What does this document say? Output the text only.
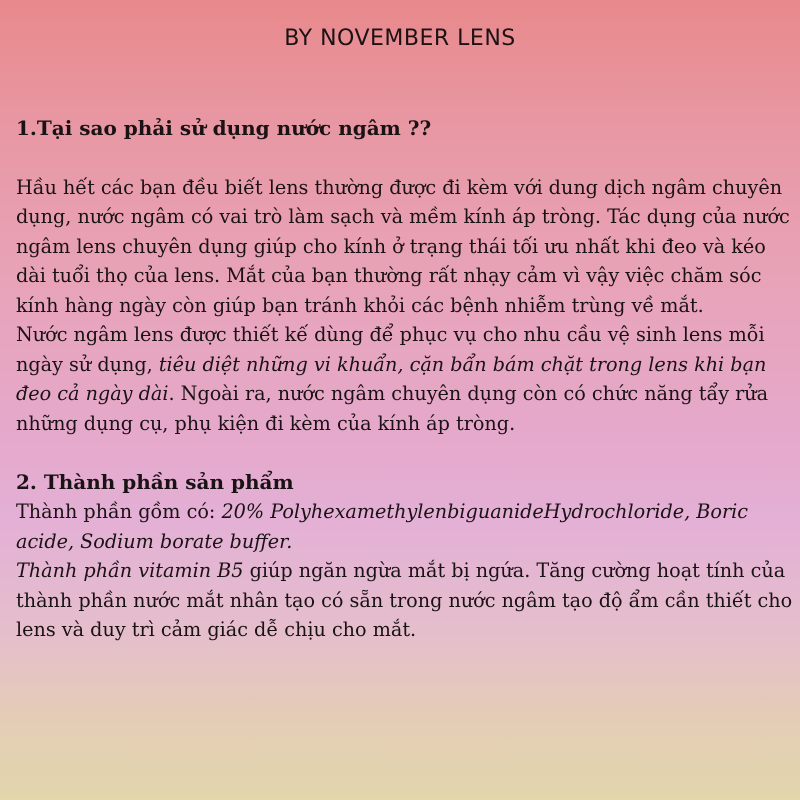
BY NOVEMBER LENS
1.Tại sao phải sử dụng nước ngâm ??

Hầu hết các bạn đều biết lens thường được đi kèm với dung dịch ngâm chuyên dụng, nước ngâm có vai trò làm sạch và mềm kính áp tròng. Tác dụng của nước ngâm lens chuyên dụng giúp cho kính ở trạng thái tối ưu nhất khi đeo và kéo dài tuổi thọ của lens. Mắt của bạn thường rất nhạy cảm vì vậy việc chăm sóc kính hàng ngày còn giúp bạn tránh khỏi các bệnh nhiễm trùng về mắt.

Nước ngâm lens được thiết kế dùng để phục vụ cho nhu cầu vệ sinh lens mỗi ngày sử dụng, tiêu diệt những vi khuẩn, cặn bẩn bám chặt trong lens khi bạn đeo cả ngày dài. Ngoài ra, nước ngâm chuyên dụng còn có chức năng tẩy rửa những dụng cụ, phụ kiện đi kèm của kính áp tròng.

2. Thành phần sản phẩm

Thành phần gồm có: 20% PolyhexamethylenbiguanideHydrochloride, Boric acide, Sodium borate buffer.

Thành phần vitamin B5 giúp ngăn ngừa mắt bị ngứa. Tăng cường hoạt tính của thành phần nước mắt nhân tạo có sẵn trong nước ngâm tạo độ ẩm cần thiết cho lens và duy trì cảm giác dễ chịu cho mắt.
